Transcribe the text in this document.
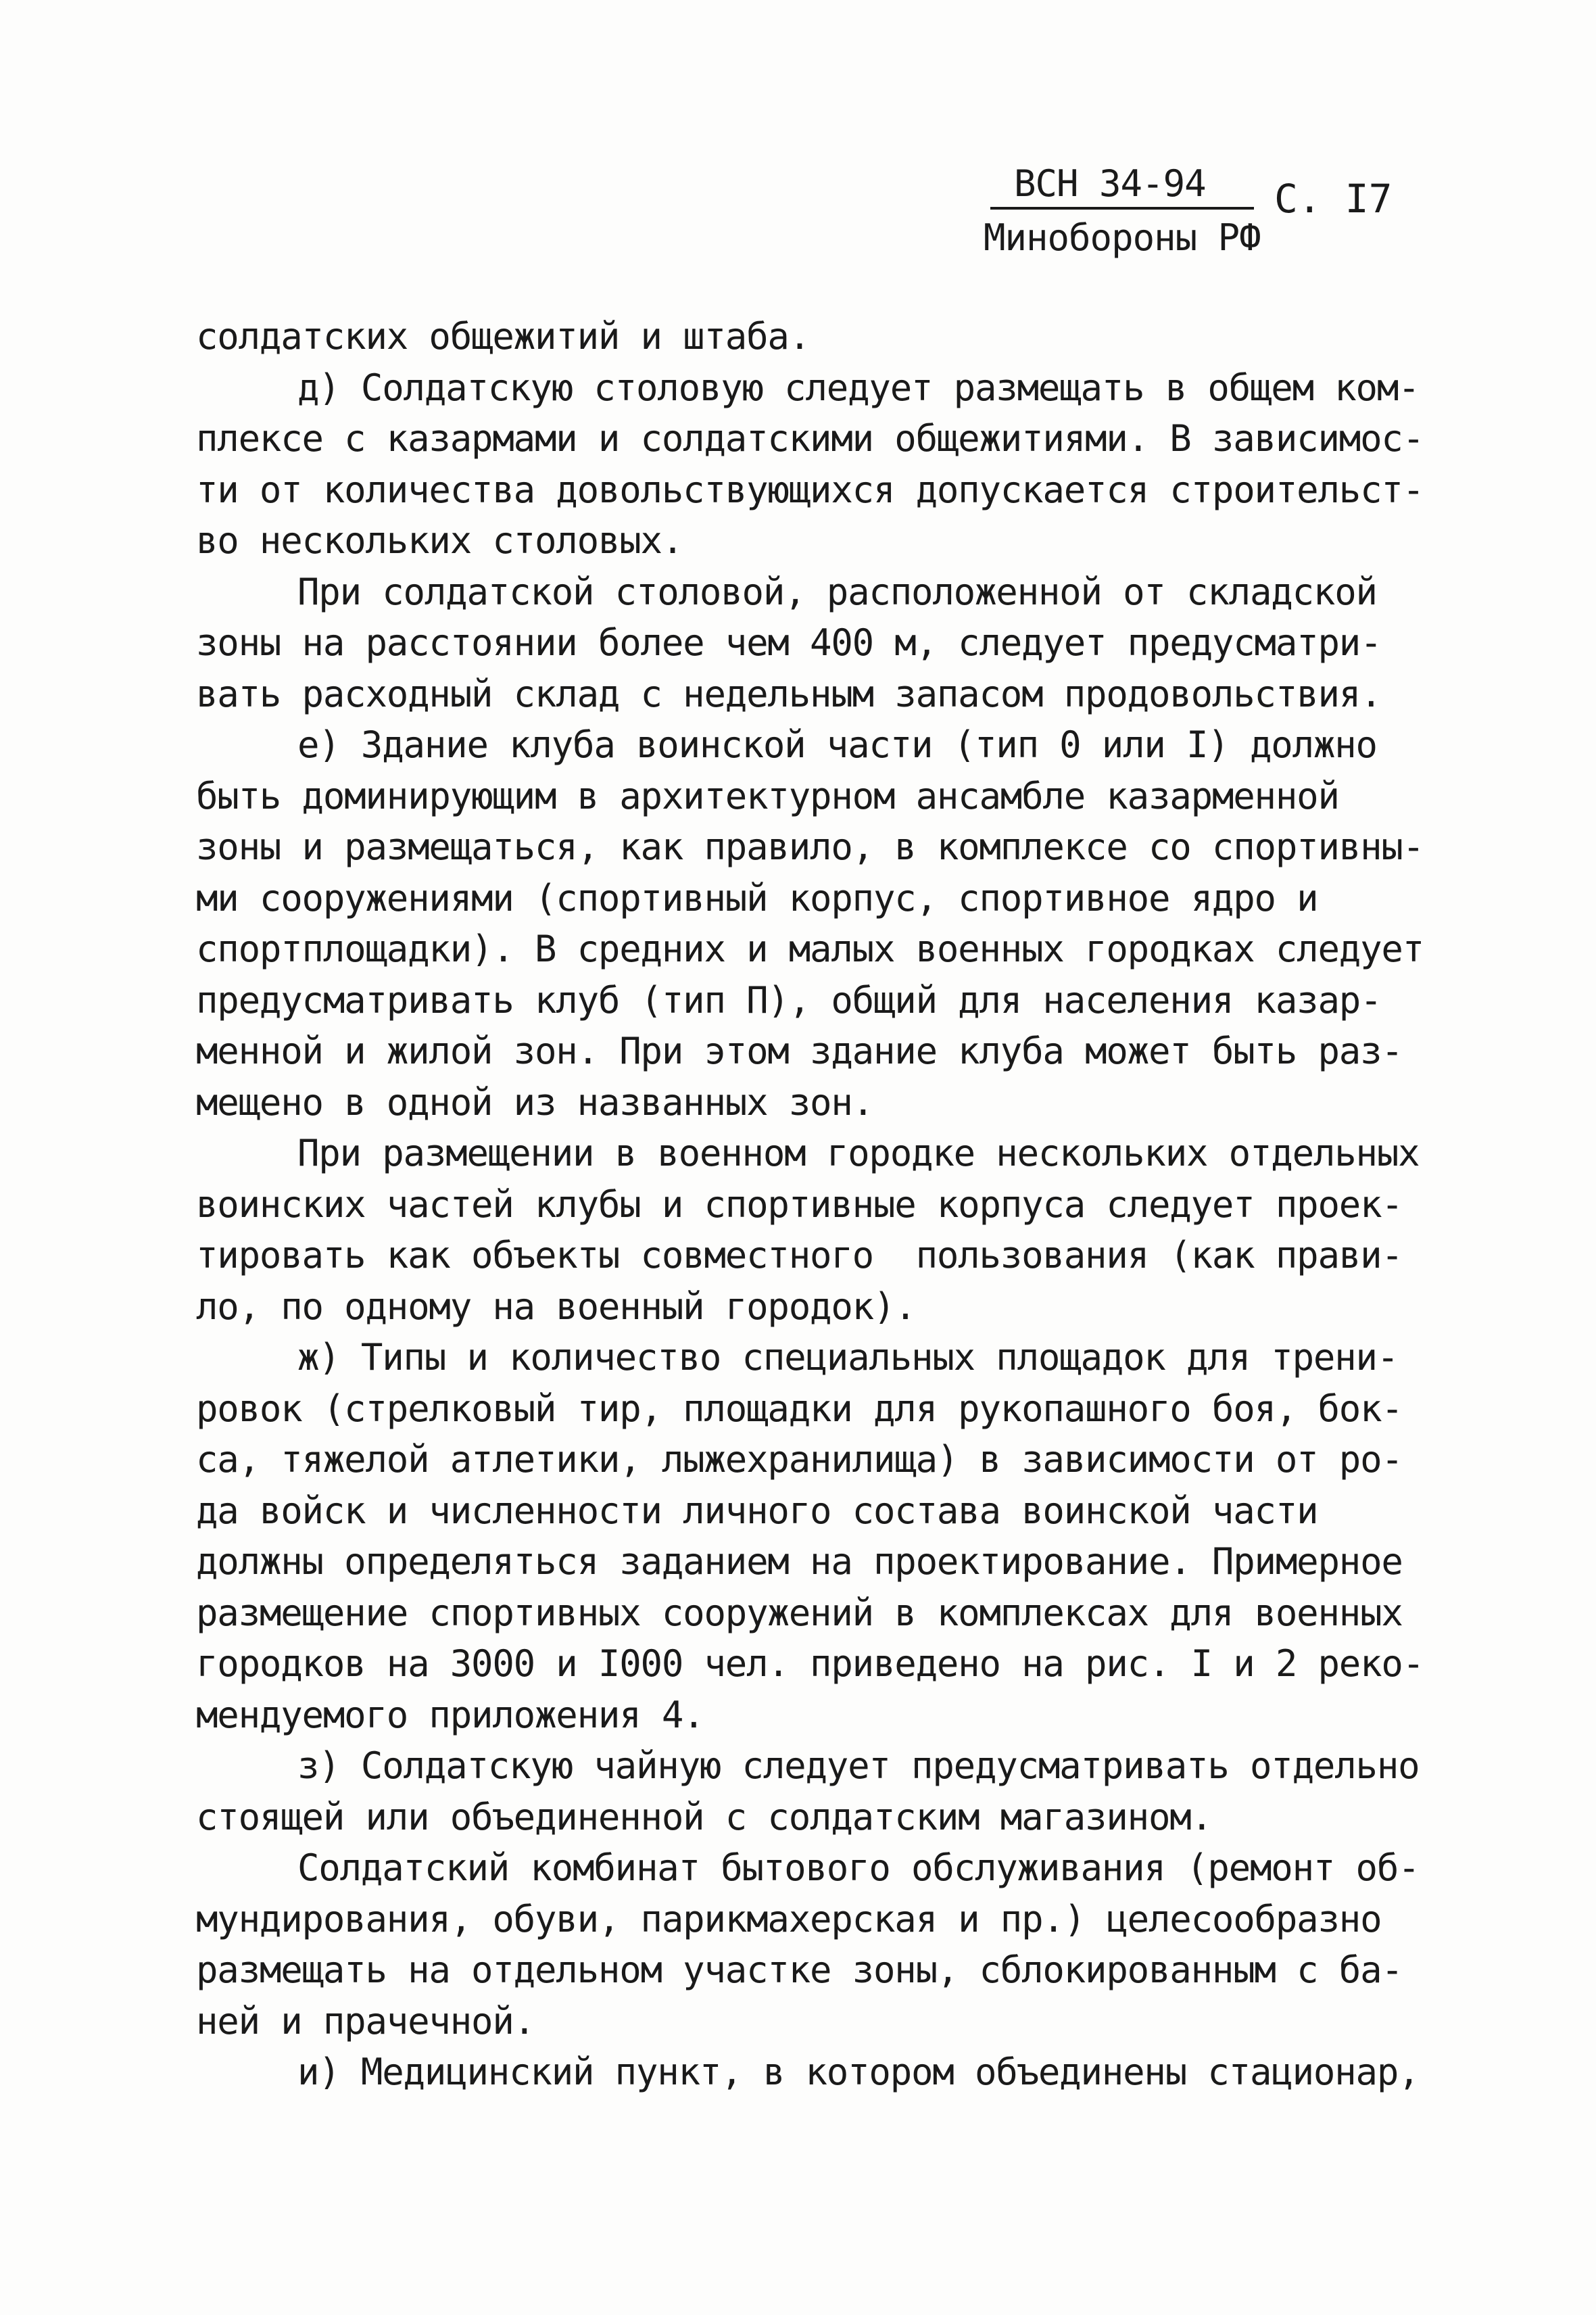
ВСН 34-94 С. I7
Минобороны РФ
солдатских общежитий и штаба.
д) Солдатскую столовую следует размещать в общем ком-
плексе с казармами и солдатскими общежитиями. В зависимос-
ти от количества довольствующихся допускается строительст-
во нескольких столовых.
При солдатской столовой, расположенной от складской
зоны на расстоянии более чем 400 м, следует предусматри-
вать расходный склад с недельным запасом продовольствия.
е) Здание клуба воинской части (тип 0 или I) должно
быть доминирующим в архитектурном ансамбле казарменной
зоны и размещаться, как правило, в комплексе со спортивны-
ми сооружениями (спортивный корпус, спортивное ядро и
спортплощадки). В средних и малых военных городках следует
предусматривать клуб (тип П), общий для населения казар-
менной и жилой зон. При этом здание клуба может быть раз-
мещено в одной из названных зон.
При размещении в военном городке нескольких отдельных
воинских частей клубы и спортивные корпуса следует проек-
тировать как объекты совместного  пользования (как прави-
ло, по одному на военный городок).
ж) Типы и количество специальных площадок для трени-
ровок (стрелковый тир, площадки для рукопашного боя, бок-
са, тяжелой атлетики, лыжехранилища) в зависимости от ро-
да войск и численности личного состава воинской части
должны определяться заданием на проектирование. Примерное
размещение спортивных сооружений в комплексах для военных
городков на 3000 и I000 чел. приведено на рис. I и 2 реко-
мендуемого приложения 4.
з) Солдатскую чайную следует предусматривать отдельно
стоящей или объединенной с солдатским магазином.
Солдатский комбинат бытового обслуживания (ремонт об-
мундирования, обуви, парикмахерская и пр.) целесообразно
размещать на отдельном участке зоны, сблокированным с ба-
ней и прачечной.
и) Медицинский пункт, в котором объединены стационар,
